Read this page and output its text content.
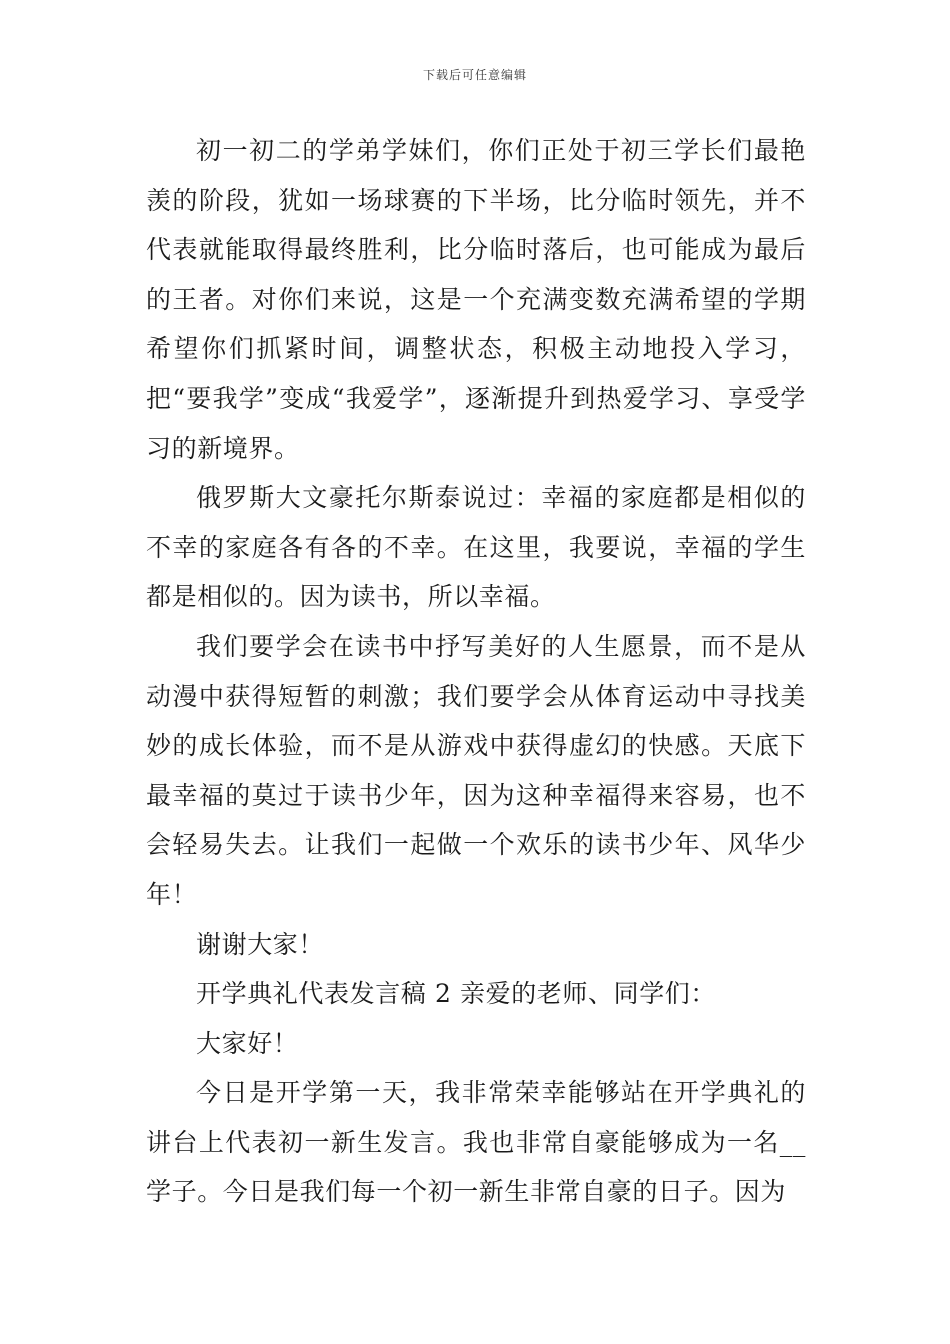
下载后可任意编辑

初一初二的学弟学妹们，你们正处于初三学长们最艳羡的阶段，犹如一场球赛的下半场，比分临时领先，并不代表就能取得最终胜利，比分临时落后，也可能成为最后的王者。对你们来说，这是一个充满变数充满希望的学期希望你们抓紧时间，调整状态，积极主动地投入学习，把“要我学”变成“我爱学”，逐渐提升到热爱学习、享受学习的新境界。

俄罗斯大文豪托尔斯泰说过：幸福的家庭都是相似的不幸的家庭各有各的不幸。在这里，我要说，幸福的学生都是相似的。因为读书，所以幸福。

我们要学会在读书中抒写美好的人生愿景，而不是从动漫中获得短暂的刺激；我们要学会从体育运动中寻找美妙的成长体验，而不是从游戏中获得虚幻的快感。天底下最幸福的莫过于读书少年，因为这种幸福得来容易，也不会轻易失去。让我们一起做一个欢乐的读书少年、风华少年！

谢谢大家！

开学典礼代表发言稿 2 亲爱的老师、同学们：

大家好！

今日是开学第一天，我非常荣幸能够站在开学典礼的讲台上代表初一新生发言。我也非常自豪能够成为一名__学子。今日是我们每一个初一新生非常自豪的日子。因为
